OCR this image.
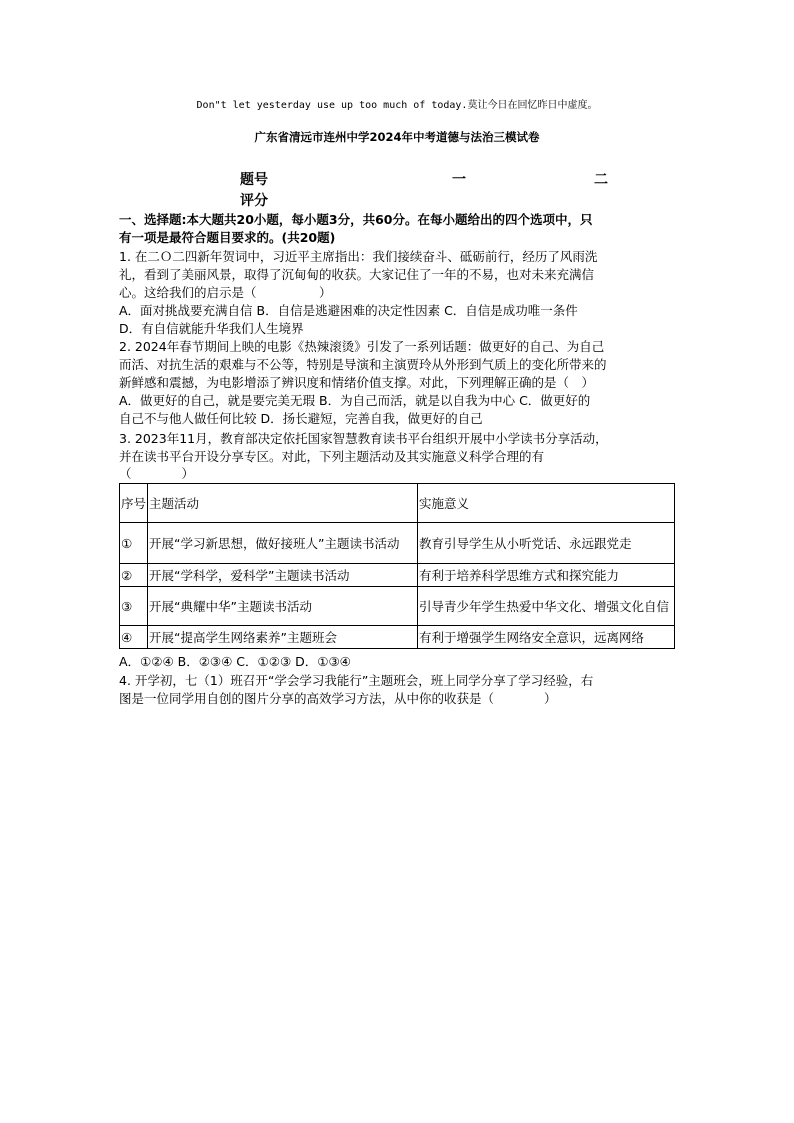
Don"t let yesterday use up too much of today.莫让今日在回忆昨日中虚度。
广东省清远市连州中学2024年中考道德与法治三模试卷
题号	一	二
评分
一、选择题:本大题共20小题，每小题3分，共60分。在每小题给出的四个选项中，只
有一项是最符合题目要求的。(共20题)
1. 在二Ｏ二四新年贺词中，习近平主席指出：我们接续奋斗、砥砺前行，经历了风雨洗
礼，看到了美丽风景，取得了沉甸甸的收获。大家记住了一年的不易，也对未来充满信
心。这给我们的启示是（　　　　　）
A．面对挑战要充满自信 B．自信是逃避困难的决定性因素 C．自信是成功唯一条件
D．有自信就能升华我们人生境界
2. 2024年春节期间上映的电影《热辣滚烫》引发了一系列话题：做更好的自己、为自己
而活、对抗生活的艰难与不公等，特别是导演和主演贾玲从外形到气质上的变化所带来的
新鲜感和震撼，为电影增添了辨识度和情绪价值支撑。对此，下列理解正确的是（　）
A．做更好的自己，就是要完美无瑕 B．为自己而活，就是以自我为中心 C．做更好的
自己不与他人做任何比较 D．扬长避短，完善自我，做更好的自己
3. 2023年11月，教育部决定依托国家智慧教育读书平台组织开展中小学读书分享活动，
并在读书平台开设分享专区。对此，下列主题活动及其实施意义科学合理的有
（　　　　）
序号	主题活动	实施意义
①	开展“学习新思想，做好接班人”主题读书活动	教育引导学生从小听党话、永远跟党走
②	开展“学科学，爱科学”主题读书活动	有利于培养科学思维方式和探究能力
③	开展“典耀中华”主题读书活动	引导青少年学生热爱中华文化、增强文化自信
④	开展“提高学生网络素养”主题班会	有利于增强学生网络安全意识，远离网络
A．①②④ B．②③④ C．①②③ D．①③④
4. 开学初，七（1）班召开“学会学习我能行”主题班会，班上同学分享了学习经验，右
图是一位同学用自创的图片分享的高效学习方法，从中你的收获是（　　　　）
